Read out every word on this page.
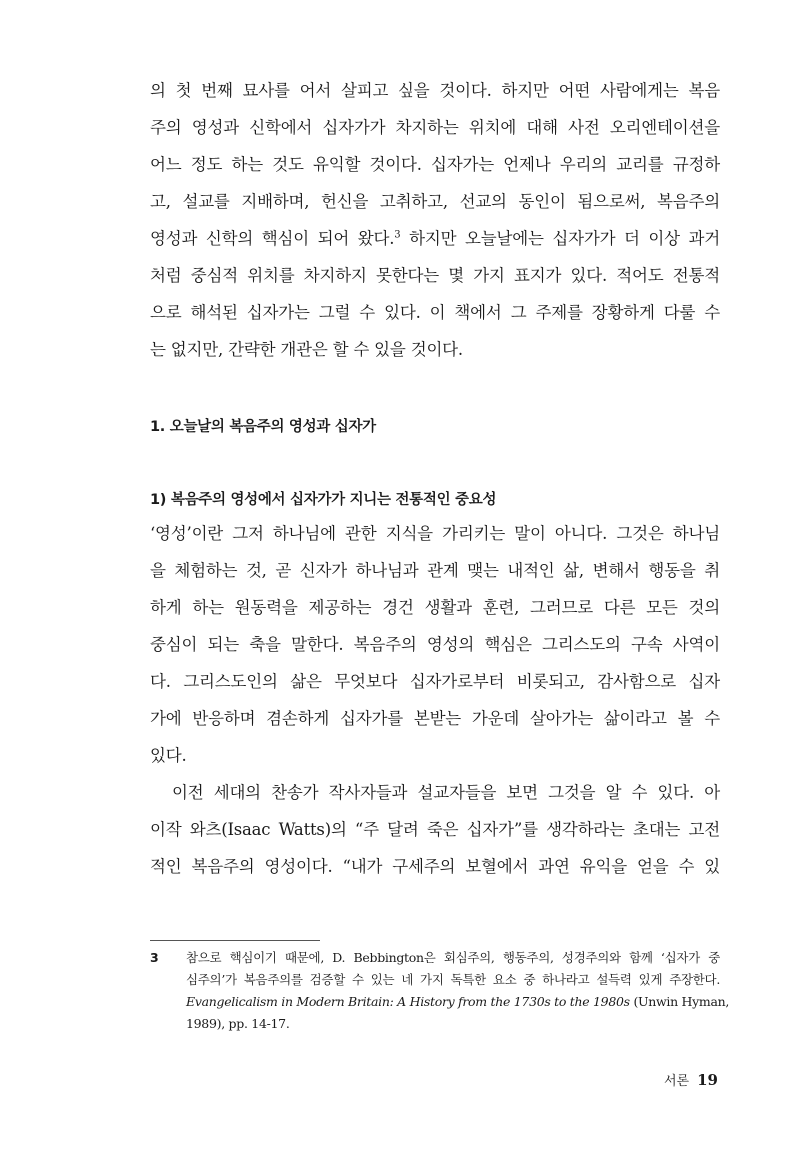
의 첫 번째 묘사를 어서 살피고 싶을 것이다. 하지만 어떤 사람에게는 복음
주의 영성과 신학에서 십자가가 차지하는 위치에 대해 사전 오리엔테이션을
어느 정도 하는 것도 유익할 것이다. 십자가는 언제나 우리의 교리를 규정하
고, 설교를 지배하며, 헌신을 고취하고, 선교의 동인이 됨으로써, 복음주의
영성과 신학의 핵심이 되어 왔다.$^3$ 하지만 오늘날에는 십자가가 더 이상 과거
처럼 중심적 위치를 차지하지 못한다는 몇 가지 표지가 있다. 적어도 전통적
으로 해석된 십자가는 그럴 수 있다. 이 책에서 그 주제를 장황하게 다룰 수
는 없지만, 간략한 개관은 할 수 있을 것이다.
1. 오늘날의 복음주의 영성과 십자가
1) 복음주의 영성에서 십자가가 지니는 전통적인 중요성
‘영성’이란 그저 하나님에 관한 지식을 가리키는 말이 아니다. 그것은 하나님
을 체험하는 것, 곧 신자가 하나님과 관계 맺는 내적인 삶, 변해서 행동을 취
하게 하는 원동력을 제공하는 경건 생활과 훈련, 그러므로 다른 모든 것의
중심이 되는 축을 말한다. 복음주의 영성의 핵심은 그리스도의 구속 사역이
다. 그리스도인의 삶은 무엇보다 십자가로부터 비롯되고, 감사함으로 십자
가에 반응하며 겸손하게 십자가를 본받는 가운데 살아가는 삶이라고 볼 수
있다.
이전 세대의 찬송가 작사자들과 설교자들을 보면 그것을 알 수 있다. 아
이작 와츠(Isaac Watts)의 “주 달려 죽은 십자가”를 생각하라는 초대는 고전
적인 복음주의 영성이다. “내가 구세주의 보혈에서 과연 유익을 얻을 수 있
3 참으로 핵심이기 때문에, D. Bebbington은 회심주의, 행동주의, 성경주의와 함께 ‘십자가 중
심주의’가 복음주의를 검증할 수 있는 네 가지 독특한 요소 중 하나라고 설득력 있게 주장한다.
Evangelicalism in Modern Britain: A History from the 1730s to the 1980s (Unwin Hyman,
1989), pp. 14-17.
서론 19
